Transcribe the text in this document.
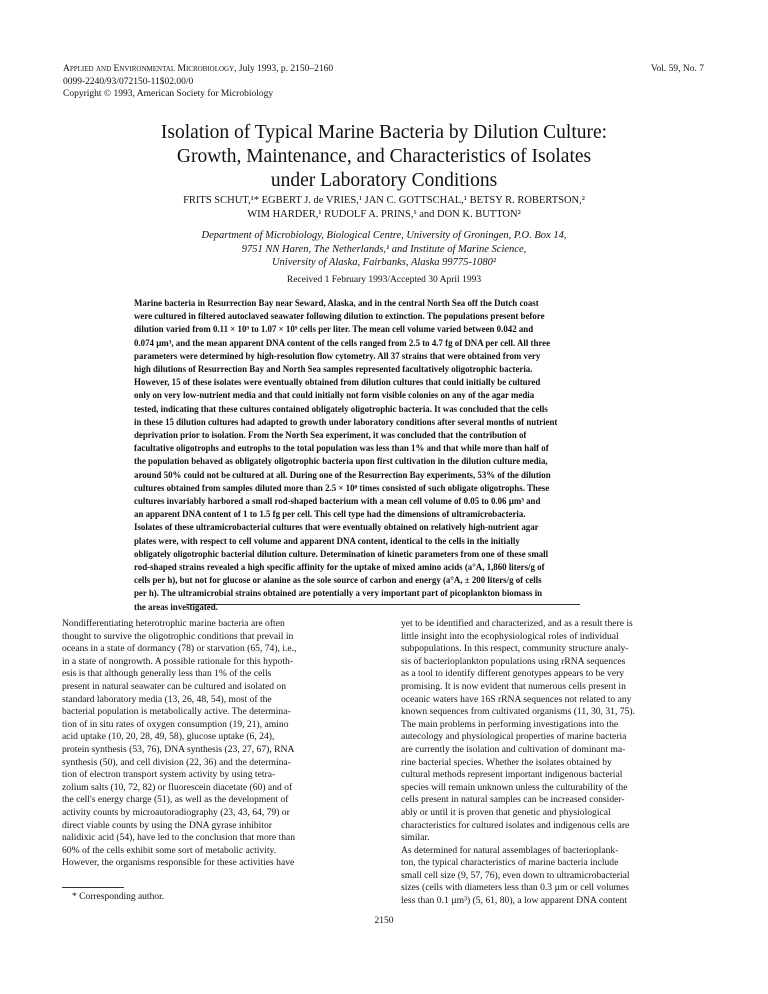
Applied and Environmental Microbiology, July 1993, p. 2150–2160
0099-2240/93/072150-11$02.00/0
Copyright © 1993, American Society for Microbiology
Vol. 59, No. 7
Isolation of Typical Marine Bacteria by Dilution Culture:
Growth, Maintenance, and Characteristics of Isolates
under Laboratory Conditions
FRITS SCHUT,¹* EGBERT J. de VRIES,¹ JAN C. GOTTSCHAL,¹ BETSY R. ROBERTSON,²
WIM HARDER,¹ RUDOLF A. PRINS,¹ and DON K. BUTTON²
Department of Microbiology, Biological Centre, University of Groningen, P.O. Box 14,
9751 NN Haren, The Netherlands,¹ and Institute of Marine Science,
University of Alaska, Fairbanks, Alaska 99775-1080²
Received 1 February 1993/Accepted 30 April 1993
Marine bacteria in Resurrection Bay near Seward, Alaska, and in the central North Sea off the Dutch coast
were cultured in filtered autoclaved seawater following dilution to extinction. The populations present before
dilution varied from 0.11 × 10⁹ to 1.07 × 10⁹ cells per liter. The mean cell volume varied between 0.042 and
0.074 µm³, and the mean apparent DNA content of the cells ranged from 2.5 to 4.7 fg of DNA per cell. All three
parameters were determined by high-resolution flow cytometry. All 37 strains that were obtained from very
high dilutions of Resurrection Bay and North Sea samples represented facultatively oligotrophic bacteria.
However, 15 of these isolates were eventually obtained from dilution cultures that could initially be cultured
only on very low-nutrient media and that could initially not form visible colonies on any of the agar media
tested, indicating that these cultures contained obligately oligotrophic bacteria. It was concluded that the cells
in these 15 dilution cultures had adapted to growth under laboratory conditions after several months of nutrient
deprivation prior to isolation. From the North Sea experiment, it was concluded that the contribution of
facultative oligotrophs and eutrophs to the total population was less than 1% and that while more than half of
the population behaved as obligately oligotrophic bacteria upon first cultivation in the dilution culture media,
around 50% could not be cultured at all. During one of the Resurrection Bay experiments, 53% of the dilution
cultures obtained from samples diluted more than 2.5 × 10⁸ times consisted of such obligate oligotrophs. These
cultures invariably harbored a small rod-shaped bacterium with a mean cell volume of 0.05 to 0.06 µm³ and
an apparent DNA content of 1 to 1.5 fg per cell. This cell type had the dimensions of ultramicrobacteria.
Isolates of these ultramicrobacterial cultures that were eventually obtained on relatively high-nutrient agar
plates were, with respect to cell volume and apparent DNA content, identical to the cells in the initially
obligately oligotrophic bacterial dilution culture. Determination of kinetic parameters from one of these small
rod-shaped strains revealed a high specific affinity for the uptake of mixed amino acids (a°A, 1,860 liters/g of
cells per h), but not for glucose or alanine as the sole source of carbon and energy (a°A, ± 200 liters/g of cells
per h). The ultramicrobial strains obtained are potentially a very important part of picoplankton biomass in
the areas investigated.
Nondifferentiating heterotrophic marine bacteria are often
thought to survive the oligotrophic conditions that prevail in
oceans in a state of dormancy (78) or starvation (65, 74), i.e.,
in a state of nongrowth. A possible rationale for this hypoth-
esis is that although generally less than 1% of the cells
present in natural seawater can be cultured and isolated on
standard laboratory media (13, 26, 48, 54), most of the
bacterial population is metabolically active. The determina-
tion of in situ rates of oxygen consumption (19, 21), amino
acid uptake (10, 20, 28, 49, 58), glucose uptake (6, 24),
protein synthesis (53, 76), DNA synthesis (23, 27, 67), RNA
synthesis (50), and cell division (22, 36) and the determina-
tion of electron transport system activity by using tetra-
zolium salts (10, 72, 82) or fluorescein diacetate (60) and of
the cell's energy charge (51), as well as the development of
activity counts by microautoradiography (23, 43, 64, 79) or
direct viable counts by using the DNA gyrase inhibitor
nalidixic acid (54), have led to the conclusion that more than
60% of the cells exhibit some sort of metabolic activity.
However, the organisms responsible for these activities have
yet to be identified and characterized, and as a result there is
little insight into the ecophysiological roles of individual
subpopulations. In this respect, community structure analy-
sis of bacterioplankton populations using rRNA sequences
as a tool to identify different genotypes appears to be very
promising. It is now evident that numerous cells present in
oceanic waters have 16S rRNA sequences not related to any
known sequences from cultivated organisms (11, 30, 31, 75).
The main problems in performing investigations into the
autecology and physiological properties of marine bacteria
are currently the isolation and cultivation of dominant ma-
rine bacterial species. Whether the isolates obtained by
cultural methods represent important indigenous bacterial
species will remain unknown unless the culturability of the
cells present in natural samples can be increased consider-
ably or until it is proven that genetic and physiological
characteristics for cultured isolates and indigenous cells are
similar.
As determined for natural assemblages of bacterioplank-
ton, the typical characteristics of marine bacteria include
small cell size (9, 57, 76), even down to ultramicrobacterial
sizes (cells with diameters less than 0.3 µm or cell volumes
less than 0.1 µm³) (5, 61, 80), a low apparent DNA content
* Corresponding author.
2150
